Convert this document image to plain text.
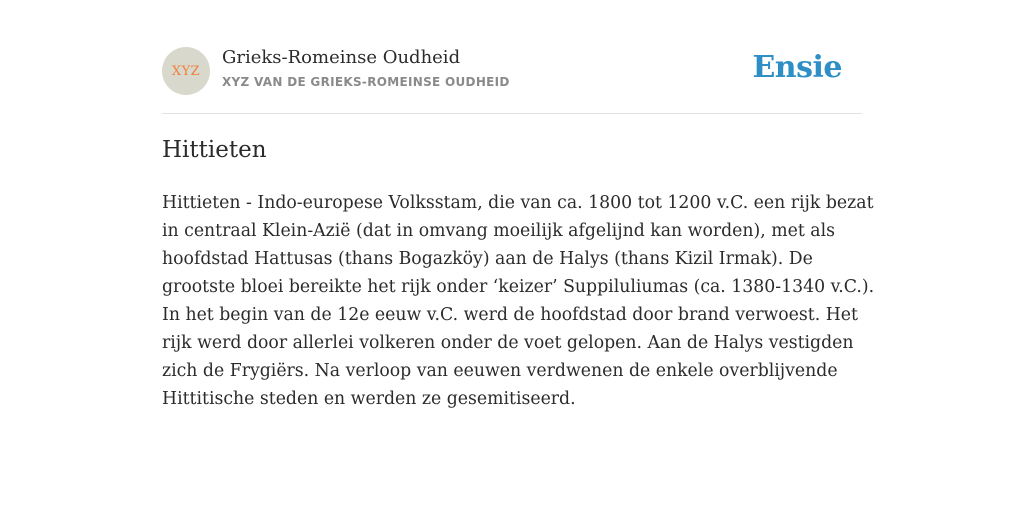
XYZ
Grieks-Romeinse Oudheid
XYZ VAN DE GRIEKS-ROMEINSE OUDHEID	Ensie
Hittieten

Hittieten - Indo-europese Volksstam, die van ca. 1800 tot 1200 v.C. een rijk bezat
in centraal Klein-Azië (dat in omvang moeilijk afgelijnd kan worden), met als
hoofdstad Hattusas (thans Bogazköy) aan de Halys (thans Kizil Irmak). De
grootste bloei bereikte het rijk onder ‘keizer’ Suppiluliumas (ca. 1380-1340 v.C.).
In het begin van de 12e eeuw v.C. werd de hoofdstad door brand verwoest. Het
rijk werd door allerlei volkeren onder de voet gelopen. Aan de Halys vestigden
zich de Frygiërs. Na verloop van eeuwen verdwenen de enkele overblijvende
Hittitische steden en werden ze gesemitiseerd.
